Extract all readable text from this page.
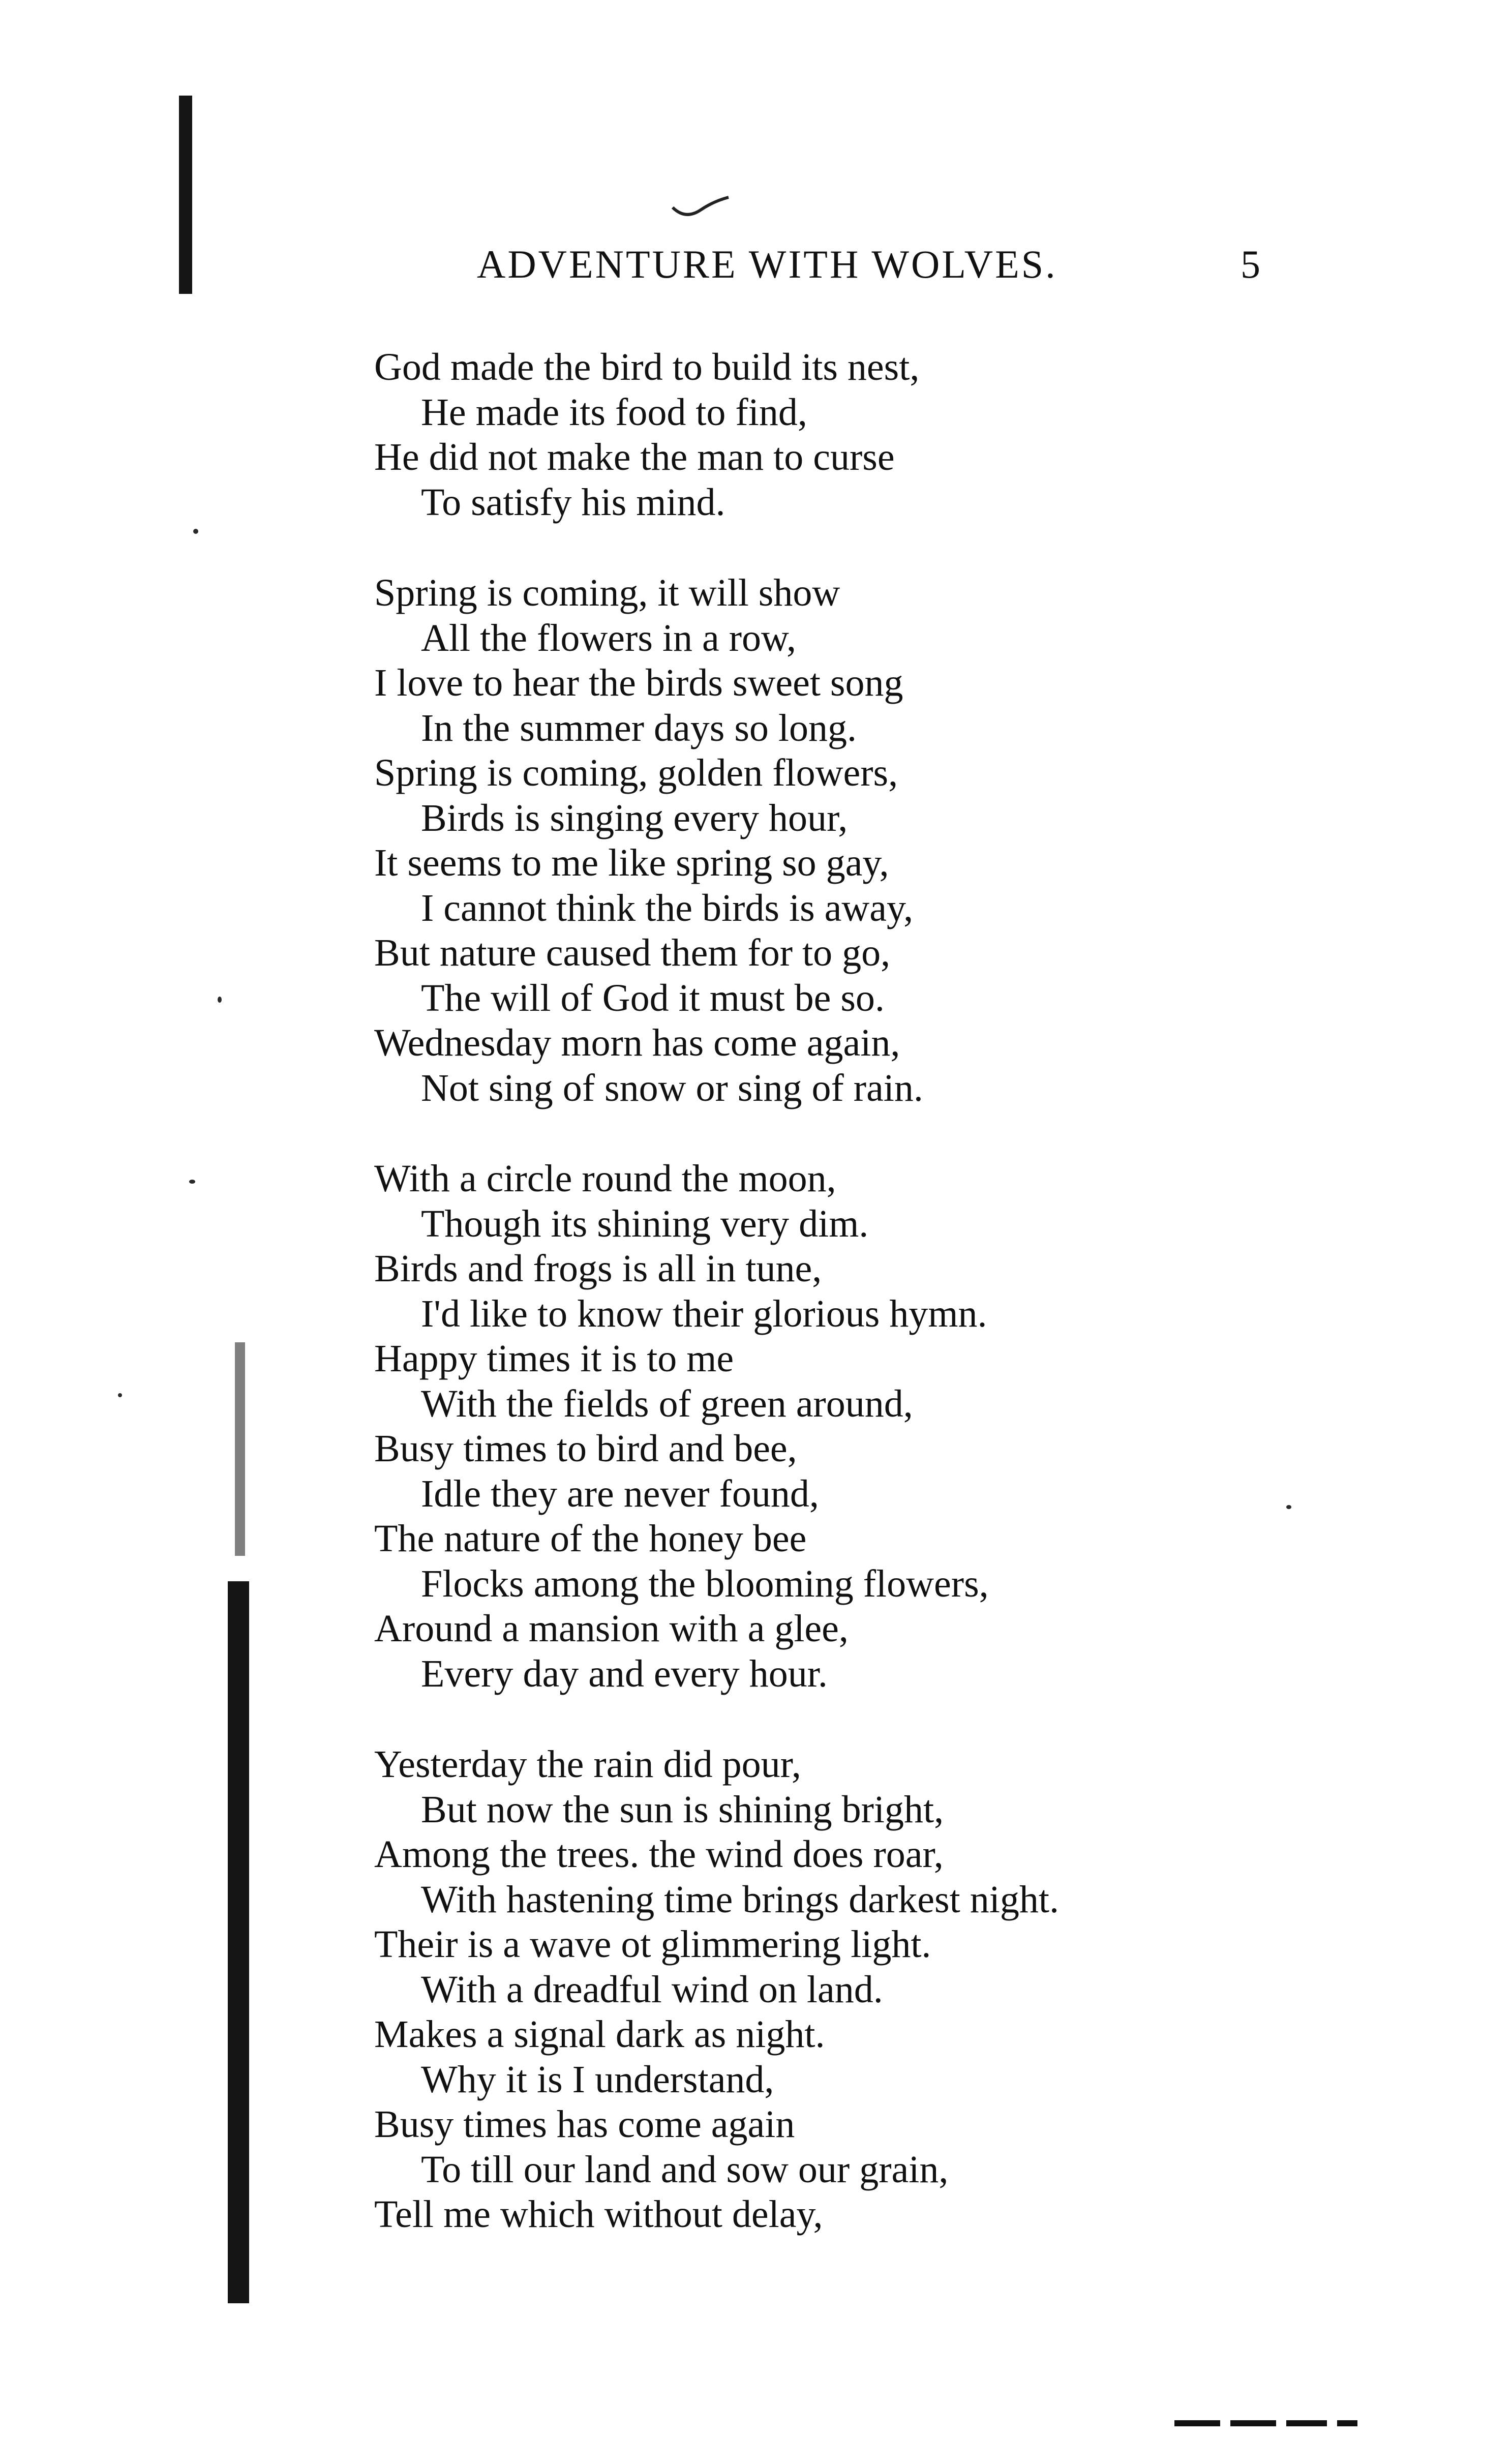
ADVENTURE WITH WOLVES.	5
God made the bird to build its nest,
He made its food to find,
He did not make the man to curse
To satisfy his mind.
Spring is coming, it will show
All the flowers in a row,
I love to hear the birds sweet song
In the summer days so long.
Spring is coming, golden flowers,
Birds is singing every hour,
It seems to me like spring so gay,
I cannot think the birds is away,
But nature caused them for to go,
The will of God it must be so.
Wednesday morn has come again,
Not sing of snow or sing of rain.
With a circle round the moon,
Though its shining very dim.
Birds and frogs is all in tune,
I'd like to know their glorious hymn.
Happy times it is to me
With the fields of green around,
Busy times to bird and bee,
Idle they are never found,
The nature of the honey bee
Flocks among the blooming flowers,
Around a mansion with a glee,
Every day and every hour.
Yesterday the rain did pour,
But now the sun is shining bright,
Among the trees. the wind does roar,
With hastening time brings darkest night.
Their is a wave ot glimmering light.
With a dreadful wind on land.
Makes a signal dark as night.
Why it is I understand,
Busy times has come again
To till our land and sow our grain,
Tell me which without delay,
